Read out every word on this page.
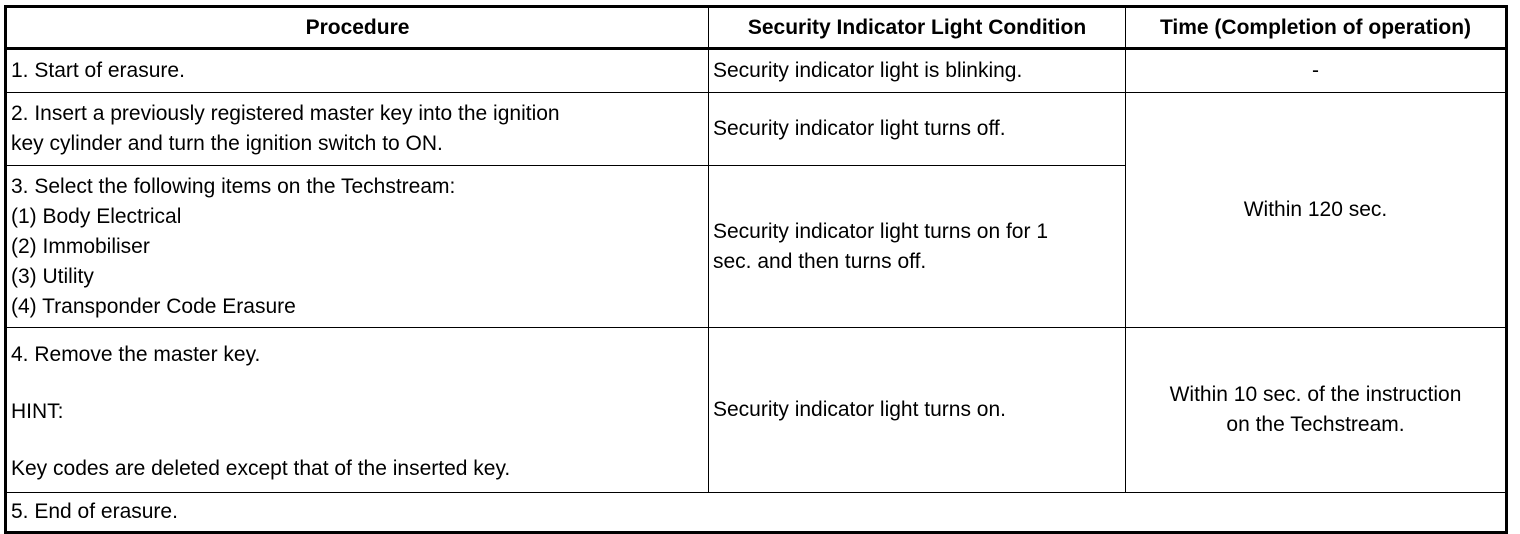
Procedure	Security Indicator Light Condition	Time (Completion of operation)
1. Start of erasure.	Security indicator light is blinking.	-

2. Insert a previously registered master key into the ignition
key cylinder and turn the ignition switch to ON.	Security indicator light turns off.	Within 120 sec.

3. Select the following items on the Techstream:
(1) Body Electrical
(2) Immobiliser
(3) Utility
(4) Transponder Code Erasure	Security indicator light turns on for 1
sec. and then turns off.	

4. Remove the master key.
HINT:
Key codes are deleted except that of the inserted key.	Security indicator light turns on.	Within 10 sec. of the instruction
on the Techstream.

5. End of erasure.		
